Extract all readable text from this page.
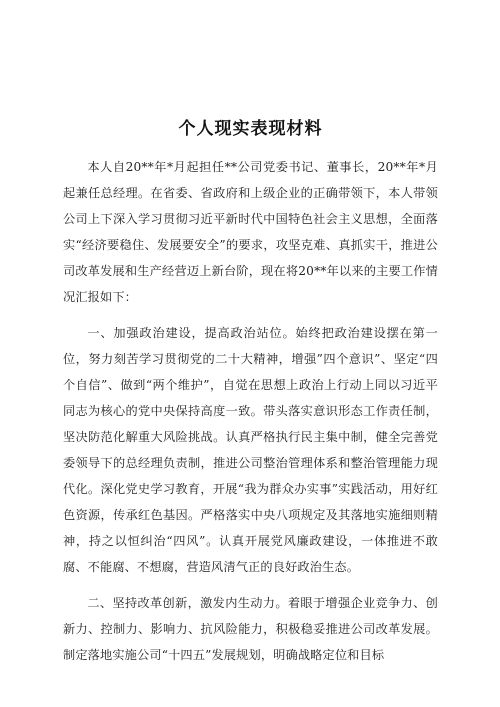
个人现实表现材料

本人自20**年*月起担任**公司党委书记、董事长，20**年*月起兼任总经理。在省委、省政府和上级企业的正确带领下，本人带领公司上下深入学习贯彻习近平新时代中国特色社会主义思想，全面落实“经济要稳住、发展要安全”的要求，攻坚克难、真抓实干，推进公司改革发展和生产经营迈上新台阶，现在将20**年以来的主要工作情况汇报如下：

一、加强政治建设，提高政治站位。始终把政治建设摆在第一位，努力刻苦学习贯彻党的二十大精神，增强”四个意识”、坚定“四个自信”、做到“两个维护”，自觉在思想上政治上行动上同以习近平同志为核心的党中央保持高度一致。带头落实意识形态工作责任制，坚决防范化解重大风险挑战。认真严格执行民主集中制，健全完善党委领导下的总经理负责制，推进公司整治管理体系和整治管理能力现代化。深化党史学习教育，开展“我为群众办实事”实践活动，用好红色资源，传承红色基因。严格落实中央八项规定及其落地实施细则精神，持之以恒纠治“四风”。认真开展党风廉政建设，一体推进不敢腐、不能腐、不想腐，营造风清气正的良好政治生态。

二、坚持改革创新，激发内生动力。着眼于增强企业竞争力、创新力、控制力、影响力、抗风险能力，积极稳妥推进公司改革发展。制定落地实施公司“十四五”发展规划，明确战略定位和目标
